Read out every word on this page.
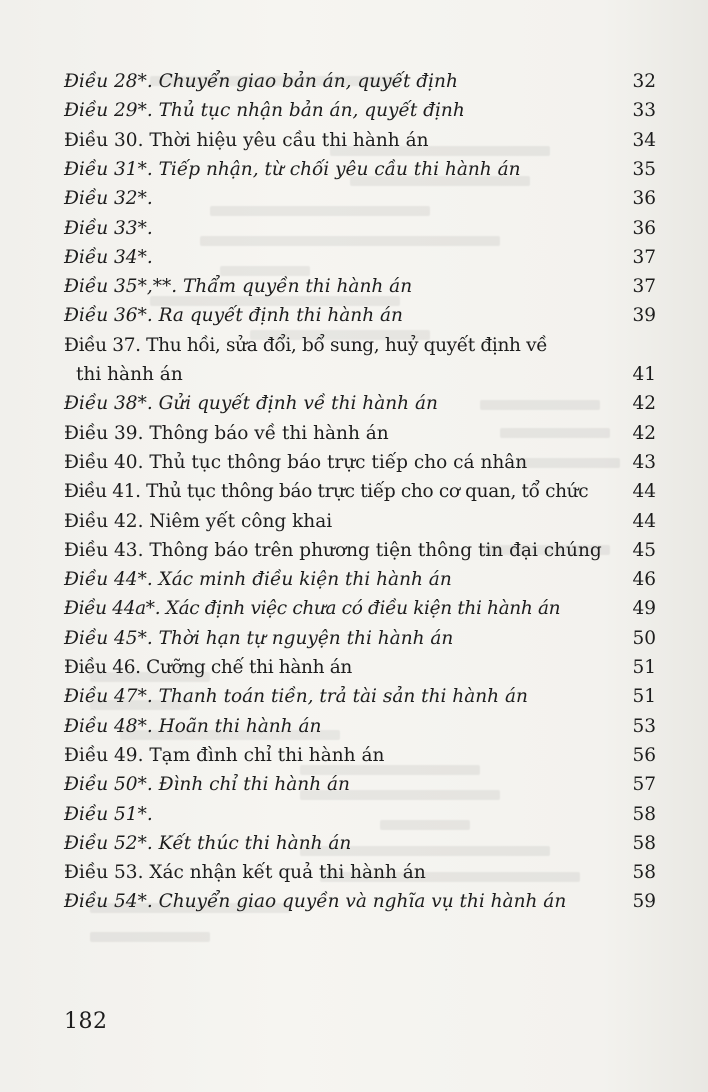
Điều 28*. Chuyển giao bản án, quyết định	32
Điều 29*. Thủ tục nhận bản án, quyết định	33
Điều 30. Thời hiệu yêu cầu thi hành án	34
Điều 31*. Tiếp nhận, từ chối yêu cầu thi hành án	35
Điều 32*.	36
Điều 33*.	36
Điều 34*.	37
Điều 35*,**. Thẩm quyền thi hành án	37
Điều 36*. Ra quyết định thi hành án	39
Điều 37. Thu hồi, sửa đổi, bổ sung, huỷ quyết định về
thi hành án	41
Điều 38*. Gửi quyết định về thi hành án	42
Điều 39. Thông báo về thi hành án	42
Điều 40. Thủ tục thông báo trực tiếp cho cá nhân	43
Điều 41. Thủ tục thông báo trực tiếp cho cơ quan, tổ chức 44
Điều 42. Niêm yết công khai	44
Điều 43. Thông báo trên phương tiện thông tin đại chúng 45
Điều 44*. Xác minh điều kiện thi hành án	46
Điều 44a*. Xác định việc chưa có điều kiện thi hành án	49
Điều 45*. Thời hạn tự nguyện thi hành án	50
Điều 46. Cưỡng chế thi hành án	51
Điều 47*. Thanh toán tiền, trả tài sản thi hành án	51
Điều 48*. Hoãn thi hành án	53
Điều 49. Tạm đình chỉ thi hành án	56
Điều 50*. Đình chỉ thi hành án	57
Điều 51*.	58
Điều 52*. Kết thúc thi hành án	58
Điều 53. Xác nhận kết quả thi hành án	58
Điều 54*. Chuyển giao quyền và nghĩa vụ thi hành án	59
182
